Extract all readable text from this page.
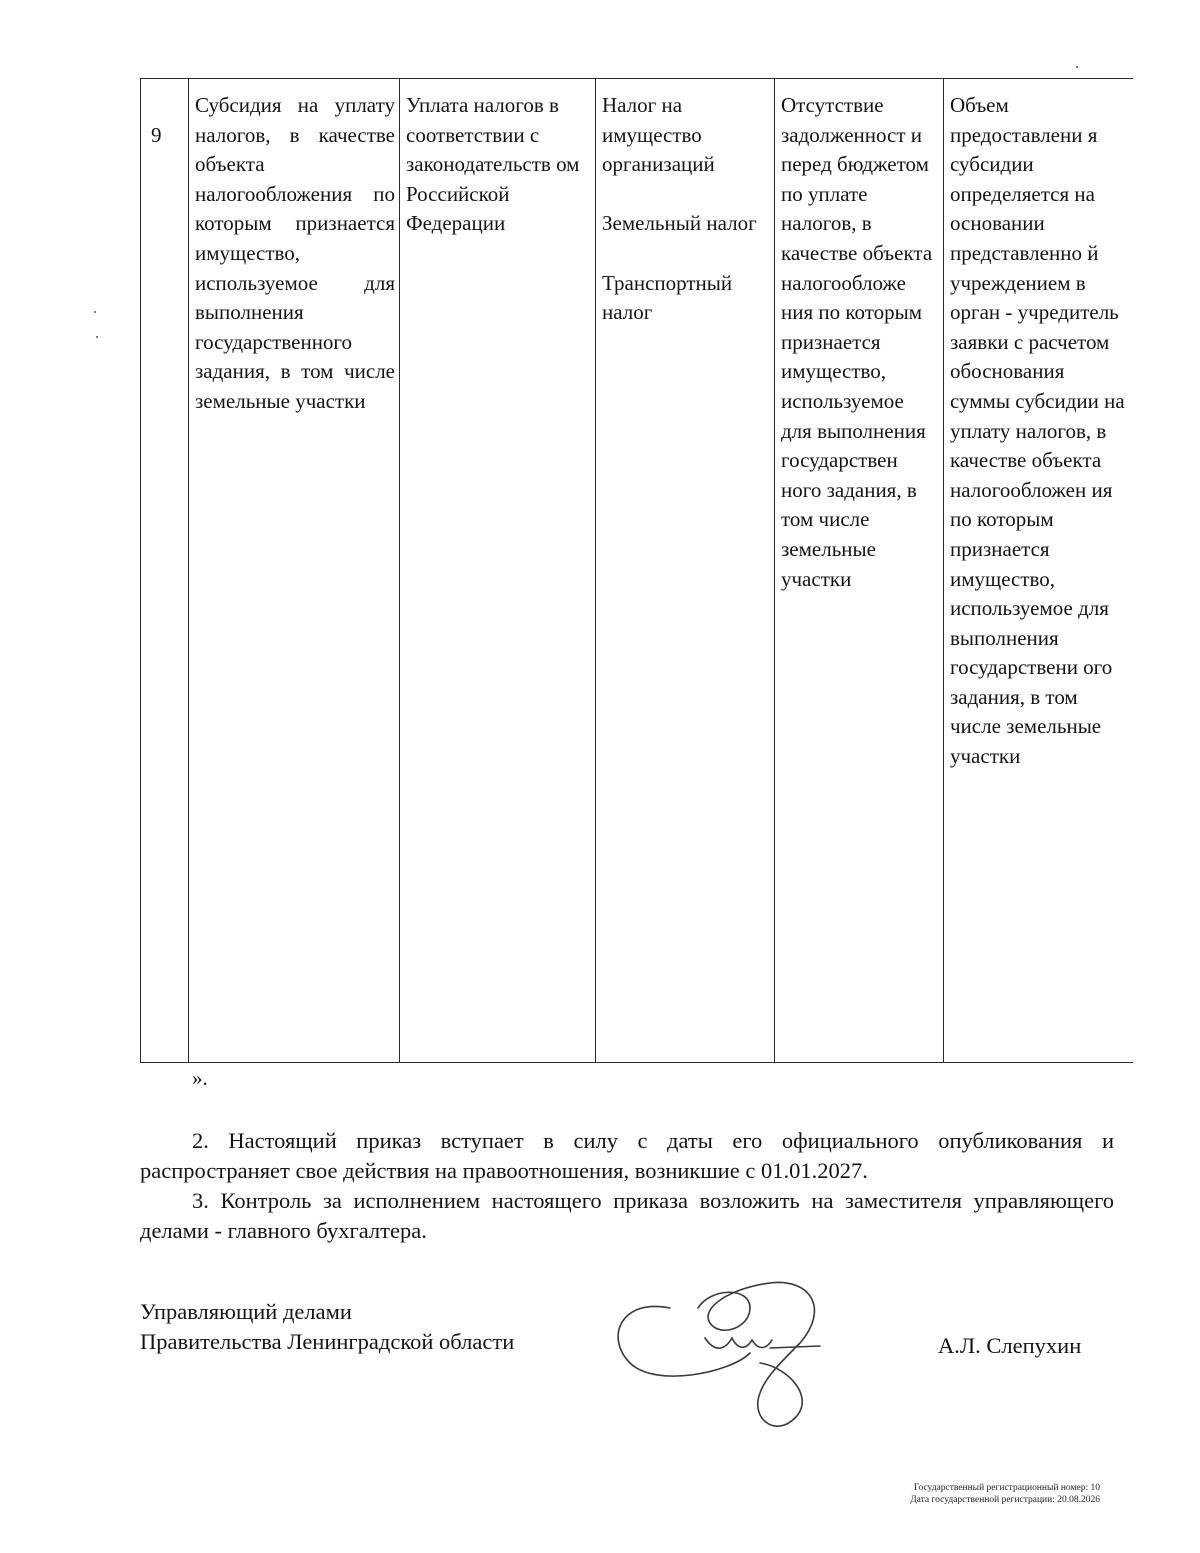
9	Субсидия на уплату налогов, в качестве объекта налогообложения по которым признается имущество, используемое для выполнения государственного задания, в том числе земельные участки	Уплата налогов в соответствии с законодательств ом Российской Федерации	Налог на имущество организаций

Земельный налог

Транспортный налог	Отсутствие задолженност и перед бюджетом по уплате налогов, в качестве объекта налогообложе ния по которым признается имущество, используемое для выполнения государствен ного задания, в том числе земельные участки	Объем предоставлени я субсидии определяется на основании представленно й учреждением в орган - учредитель заявки с расчетом обоснования суммы субсидии на уплату налогов, в качестве объекта налогообложен ия по которым признается имущество, используемое для выполнения государствени ого задания, в том числе земельные участки
».
2. Настоящий приказ вступает в силу с даты его официального опубликования и распространяет свое действия на правоотношения, возникшие с 01.01.2027.
3. Контроль за исполнением настоящего приказа возложить на заместителя управляющего делами - главного бухгалтера.
Управляющий делами
Правительства Ленинградской области	А.Л. Слепухин
Государственный регистрационный номер: 10
Дата государственной регистрации: 20.08.2026
